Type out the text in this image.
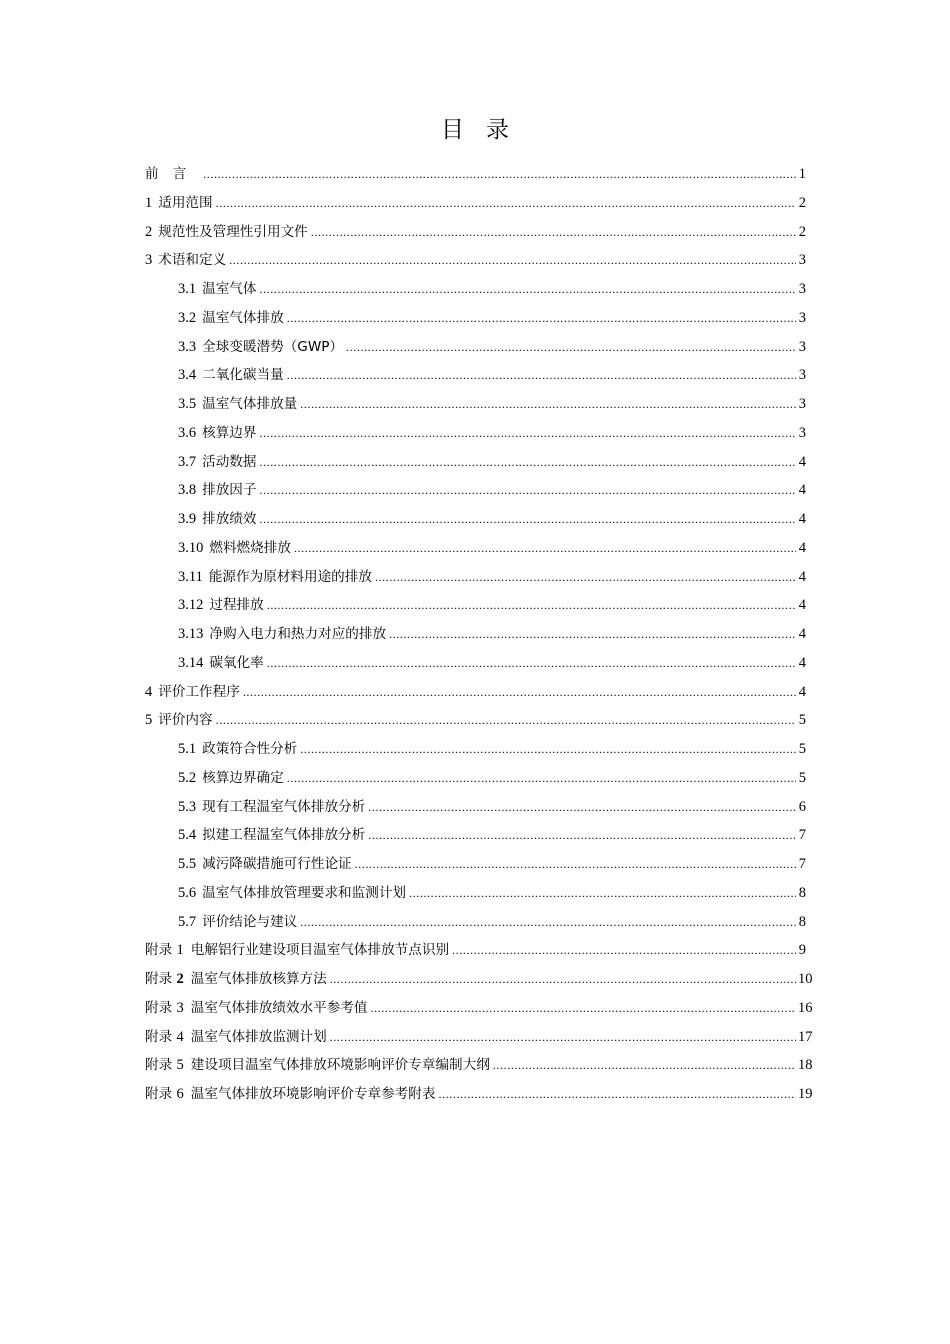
目录
前言 .....	1
1 适用范围 .....	2
2 规范性及管理性引用文件 .....	2
3 术语和定义 .....	3
3.1 温室气体 .....	3
3.2 温室气体排放 .....	3
3.3 全球变暖潜势（GWP） .....	3
3.4 二氧化碳当量 .....	3
3.5 温室气体排放量 .....	3
3.6 核算边界 .....	3
3.7 活动数据 .....	4
3.8 排放因子 .....	4
3.9 排放绩效 .....	4
3.10 燃料燃烧排放 .....	4
3.11 能源作为原材料用途的排放 .....	4
3.12 过程排放 .....	4
3.13 净购入电力和热力对应的排放 .....	4
3.14 碳氧化率 .....	4
4 评价工作程序 .....	4
5 评价内容 .....	5
5.1 政策符合性分析 .....	5
5.2 核算边界确定 .....	5
5.3 现有工程温室气体排放分析 .....	6
5.4 拟建工程温室气体排放分析 .....	7
5.5 减污降碳措施可行性论证 .....	7
5.6 温室气体排放管理要求和监测计划 .....	8
5.7 评价结论与建议 .....	8
附录 1 电解铝行业建设项目温室气体排放节点识别 .....	9
附录 2 温室气体排放核算方法 .....	10
附录 3 温室气体排放绩效水平参考值 .....	16
附录 4 温室气体排放监测计划 .....	17
附录 5 建设项目温室气体排放环境影响评价专章编制大纲 .....	18
附录 6 温室气体排放环境影响评价专章参考附表 .....	19
